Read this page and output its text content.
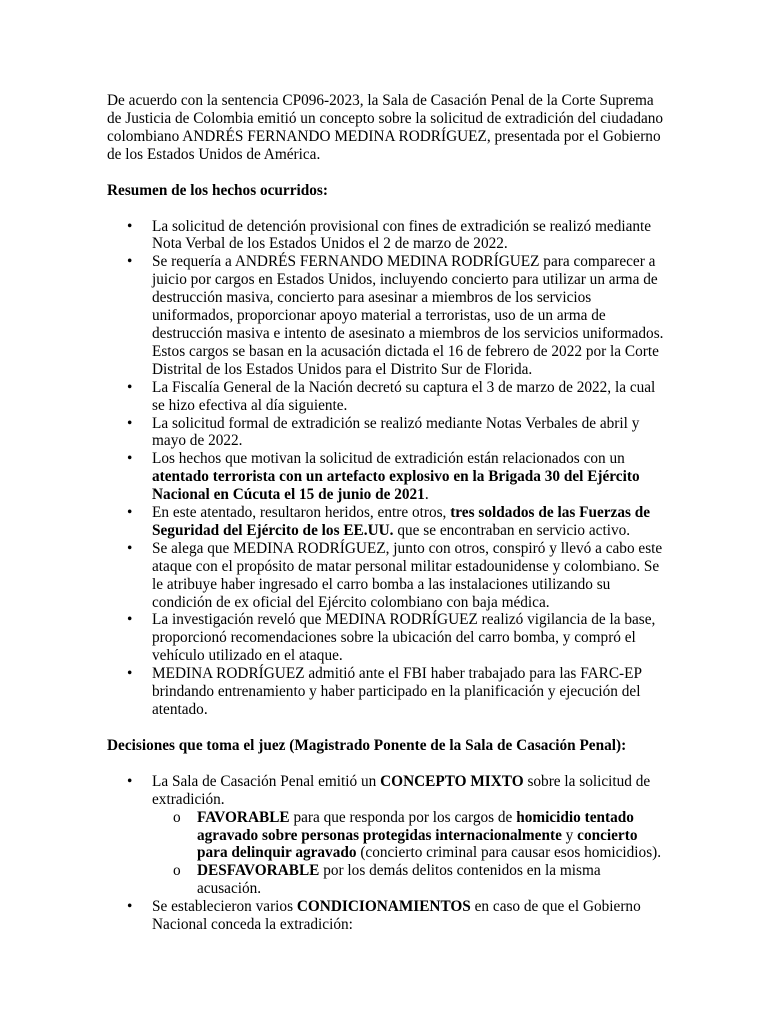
De acuerdo con la sentencia CP096-2023, la Sala de Casación Penal de la Corte Suprema de Justicia de Colombia emitió un concepto sobre la solicitud de extradición del ciudadano colombiano ANDRÉS FERNANDO MEDINA RODRÍGUEZ, presentada por el Gobierno de los Estados Unidos de América.

Resumen de los hechos ocurridos:

• La solicitud de detención provisional con fines de extradición se realizó mediante Nota Verbal de los Estados Unidos el 2 de marzo de 2022.
• Se requería a ANDRÉS FERNANDO MEDINA RODRÍGUEZ para comparecer a juicio por cargos en Estados Unidos, incluyendo concierto para utilizar un arma de destrucción masiva, concierto para asesinar a miembros de los servicios uniformados, proporcionar apoyo material a terroristas, uso de un arma de destrucción masiva e intento de asesinato a miembros de los servicios uniformados. Estos cargos se basan en la acusación dictada el 16 de febrero de 2022 por la Corte Distrital de los Estados Unidos para el Distrito Sur de Florida.
• La Fiscalía General de la Nación decretó su captura el 3 de marzo de 2022, la cual se hizo efectiva al día siguiente.
• La solicitud formal de extradición se realizó mediante Notas Verbales de abril y mayo de 2022.
• Los hechos que motivan la solicitud de extradición están relacionados con un atentado terrorista con un artefacto explosivo en la Brigada 30 del Ejército Nacional en Cúcuta el 15 de junio de 2021.
• En este atentado, resultaron heridos, entre otros, tres soldados de las Fuerzas de Seguridad del Ejército de los EE.UU. que se encontraban en servicio activo.
• Se alega que MEDINA RODRÍGUEZ, junto con otros, conspiró y llevó a cabo este ataque con el propósito de matar personal militar estadounidense y colombiano. Se le atribuye haber ingresado el carro bomba a las instalaciones utilizando su condición de ex oficial del Ejército colombiano con baja médica.
• La investigación reveló que MEDINA RODRÍGUEZ realizó vigilancia de la base, proporcionó recomendaciones sobre la ubicación del carro bomba, y compró el vehículo utilizado en el ataque.
• MEDINA RODRÍGUEZ admitió ante el FBI haber trabajado para las FARC-EP brindando entrenamiento y haber participado en la planificación y ejecución del atentado.

Decisiones que toma el juez (Magistrado Ponente de la Sala de Casación Penal):

• La Sala de Casación Penal emitió un CONCEPTO MIXTO sobre la solicitud de extradición.
o FAVORABLE para que responda por los cargos de homicidio tentado agravado sobre personas protegidas internacionalmente y concierto para delinquir agravado (concierto criminal para causar esos homicidios).
o DESFAVORABLE por los demás delitos contenidos en la misma acusación.
• Se establecieron varios CONDICIONAMIENTOS en caso de que el Gobierno Nacional conceda la extradición:
